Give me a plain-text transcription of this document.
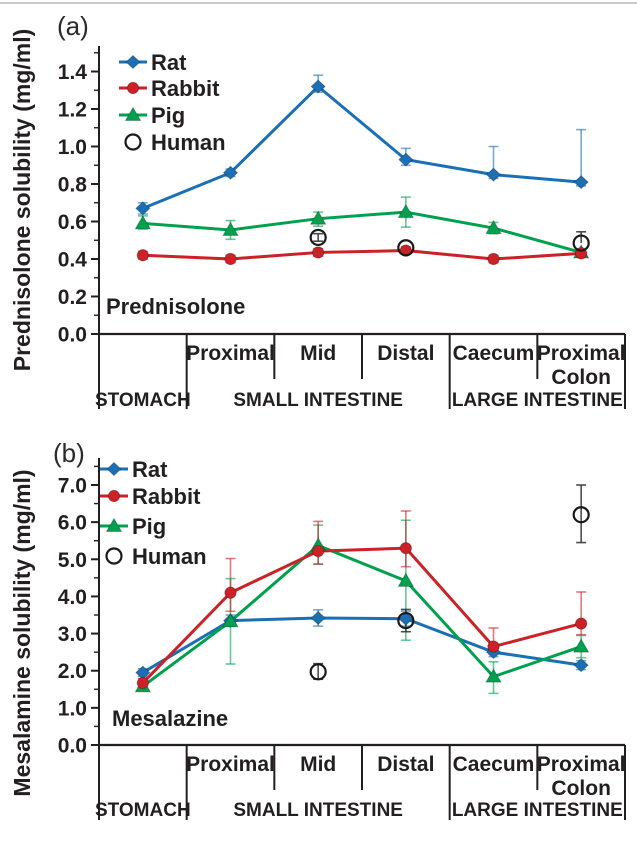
(a)
(b)
Prednisolone
Mesalazine
0.0
0.2
0.4
0.6
0.8
1.0
1.2
1.4
Prednisolone solubility (mg/ml)	Rat
Rabbit
Pig
Human
Proximal Mid Distal Caecum Proximal
Colon
STOMACH SMALL INTESTINE	LARGE INTESTINE
0.0
1.0
2.0
3.0
4.0
5.0
6.0
7.0
Mesalamine solubility (mg/ml)	Rat
Rabbit
Pig
Human
Proximal Mid Distal Caecum Proximal
Colon
STOMACH SMALL INTESTINE	LARGE INTESTINE
